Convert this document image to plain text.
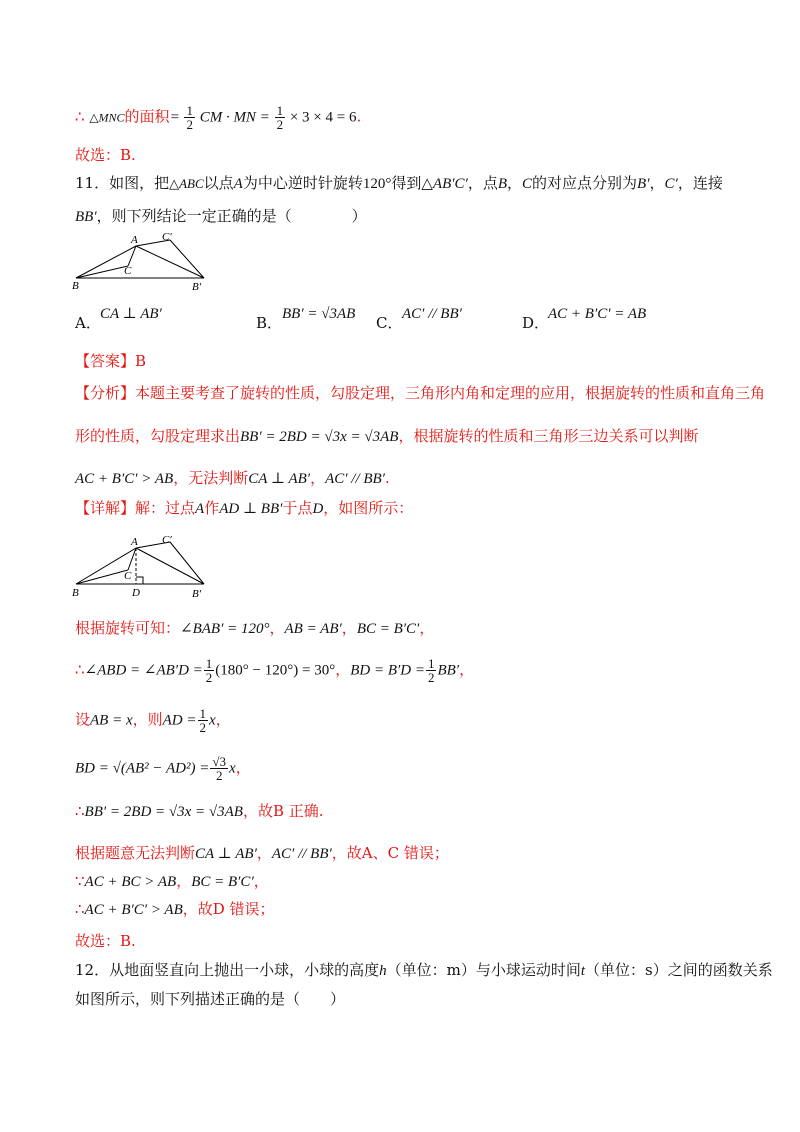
∴ △MNC的面积= $\frac{1}{2}$ CM · MN = $\frac{1}{2} \times 3 \times 4 = 6$.
故选：B.
11．如图，把△ABC以点A为中心逆时针旋转120°得到△AB′C′，点B，C的对应点分别为B′，C′，连接
BB′，则下列结论一定正确的是（　　　　）
A
B
C
C′
B′
A． CA ⊥ AB′	B． BB′ = √3AB C． AC′ // BB′	D．
AC + B′C′ = AB
【答案】B
【分析】本题主要考查了旋转的性质，勾股定理，三角形内角和定理的应用，根据旋转的性质和直角三角
形的性质，勾股定理求出BB′ = 2BD = √3x = √3AB，根据旋转的性质和三角形三边关系可以判断
AC + B′C′ > AB，无法判断CA ⊥ AB′，AC′ // BB′.
【详解】解：过点A作AD ⊥ BB′于点D，如图所示：
A
B
C
D
C′
B′
根据旋转可知：∠BAB′ = 120°，AB = AB′，BC = B′C′，
∴∠ABD = ∠AB′D = $\frac{1}{2} (180^\circ - 120^\circ) = 30^\circ$，BD = $B'D = \frac{1}{2} BB'$，
设AB = x，则AD = $\frac{1}{2}$ x，
BD = $√(AB^2 - AD^2) = \frac{√3}{2}$ x，
∴BB′ = 2BD = √3x = √3AB，故B 正确.
根据题意无法判断CA ⊥ AB′，AC′ // BB′，故A、C 错误；
∵AC + BC > AB，BC = B′C′，
∴AC + B′C′ > AB，故D 错误；
故选：B.
12．从地面竖直向上抛出一小球，小球的高度h（单位：m）与小球运动时间t（单位：s）之间的函数关系
如图所示，则下列描述正确的是（　　）
